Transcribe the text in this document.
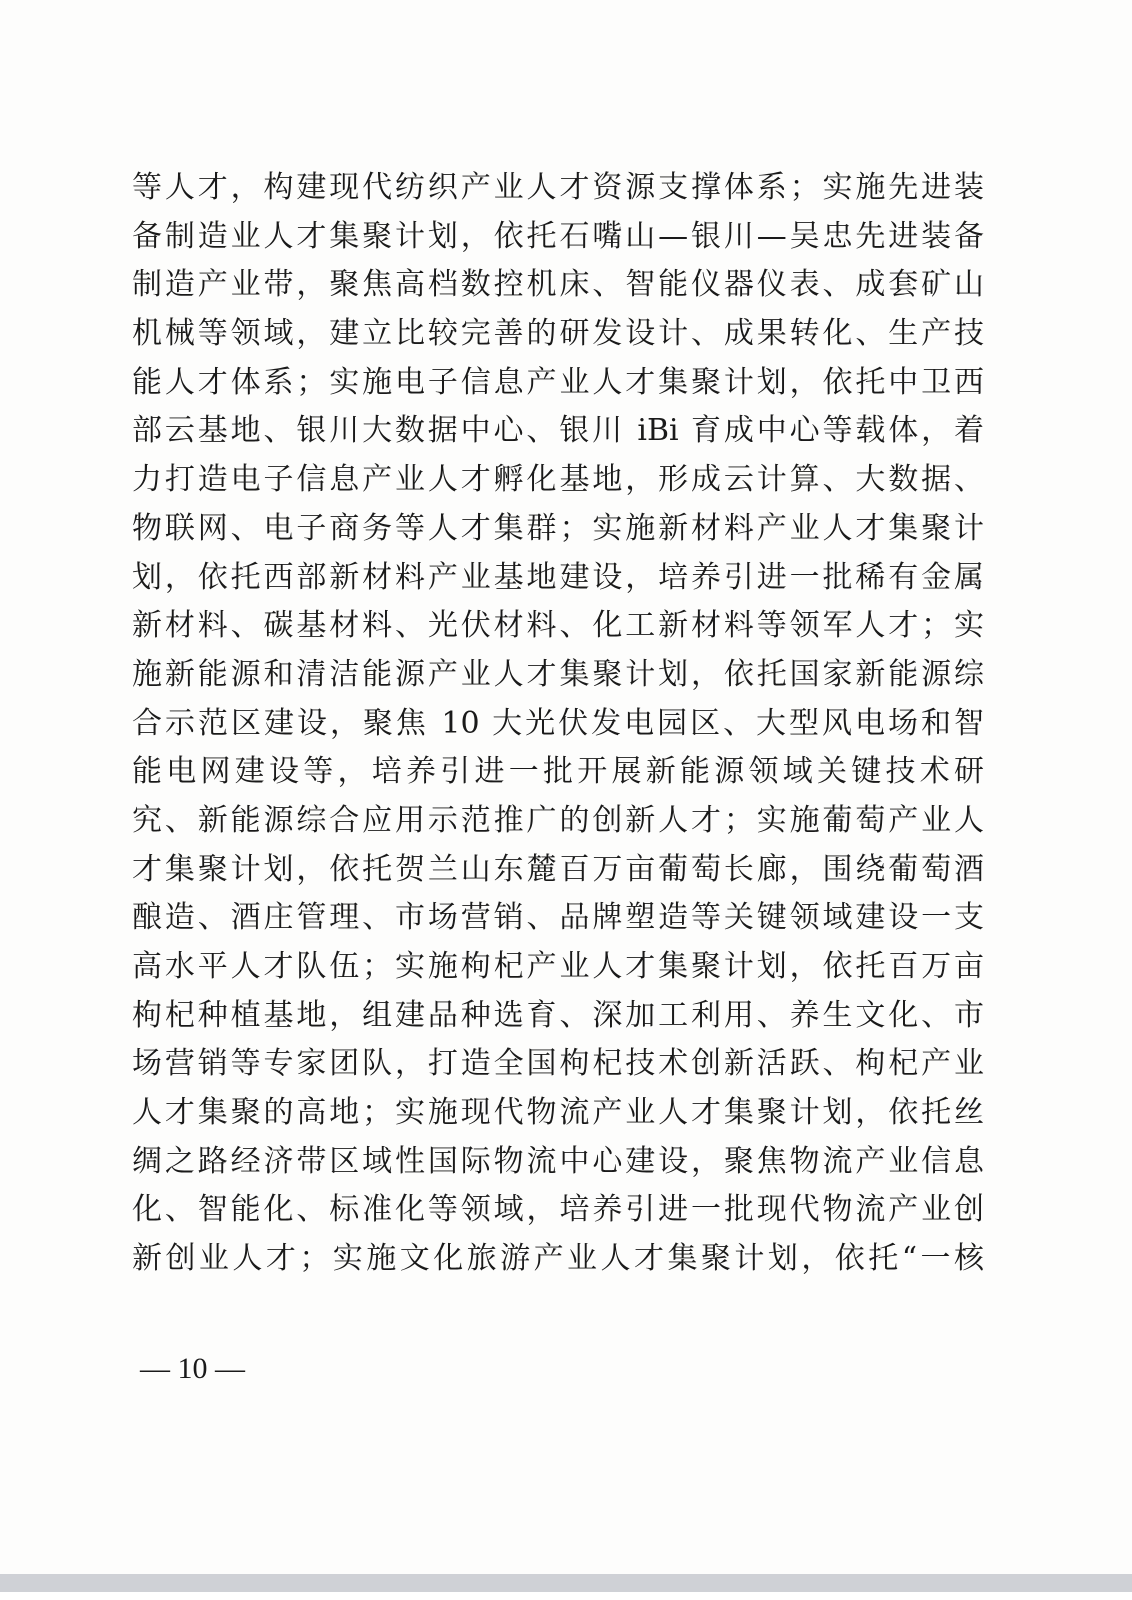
等人才，构建现代纺织产业人才资源支撑体系；实施先进装
备制造业人才集聚计划，依托石嘴山—银川—吴忠先进装备
制造产业带，聚焦高档数控机床、智能仪器仪表、成套矿山
机械等领域，建立比较完善的研发设计、成果转化、生产技
能人才体系；实施电子信息产业人才集聚计划，依托中卫西
部云基地、银川大数据中心、银川 iBi 育成中心等载体，着
力打造电子信息产业人才孵化基地，形成云计算、大数据、
物联网、电子商务等人才集群；实施新材料产业人才集聚计
划，依托西部新材料产业基地建设，培养引进一批稀有金属
新材料、碳基材料、光伏材料、化工新材料等领军人才；实
施新能源和清洁能源产业人才集聚计划，依托国家新能源综
合示范区建设，聚焦 10 大光伏发电园区、大型风电场和智
能电网建设等，培养引进一批开展新能源领域关键技术研
究、新能源综合应用示范推广的创新人才；实施葡萄产业人
才集聚计划，依托贺兰山东麓百万亩葡萄长廊，围绕葡萄酒
酿造、酒庄管理、市场营销、品牌塑造等关键领域建设一支
高水平人才队伍；实施枸杞产业人才集聚计划，依托百万亩
枸杞种植基地，组建品种选育、深加工利用、养生文化、市
场营销等专家团队，打造全国枸杞技术创新活跃、枸杞产业
人才集聚的高地；实施现代物流产业人才集聚计划，依托丝
绸之路经济带区域性国际物流中心建设，聚焦物流产业信息
化、智能化、标准化等领域，培养引进一批现代物流产业创
新创业人才；实施文化旅游产业人才集聚计划，依托“一核
— 10 —
